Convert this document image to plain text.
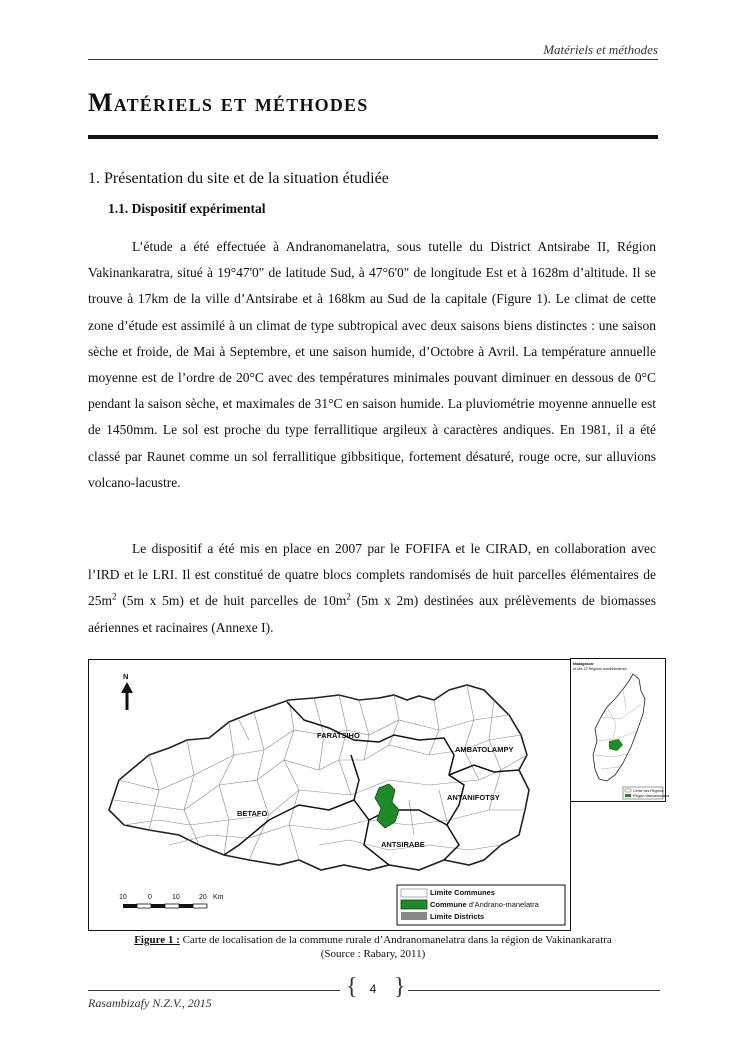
Matériels et méthodes
Matériels et méthodes
1. Présentation du site et de la situation étudiée
1.1. Dispositif expérimental

L’étude a été effectuée à Andranomanelatra, sous tutelle du District Antsirabe II, Région Vakinankaratra, situé à 19°47'0" de latitude Sud, à 47°6'0" de longitude Est et à 1628m d’altitude. Il se trouve à 17km de la ville d’Antsirabe et à 168km au Sud de la capitale (Figure 1). Le climat de cette zone d’étude est assimilé à un climat de type subtropical avec deux saisons biens distinctes : une saison sèche et froide, de Mai à Septembre, et une saison humide, d’Octobre à Avril. La température annuelle moyenne est de l’ordre de 20°C avec des températures minimales pouvant diminuer en dessous de 0°C pendant la saison sèche, et maximales de 31°C en saison humide. La pluviométrie moyenne annuelle est de 1450mm. Le sol est proche du type ferrallitique argileux à caractères andiques. En 1981, il a été classé par Raunet comme un sol ferrallitique gibbsitique, fortement désaturé, rouge ocre, sur alluvions volcano-lacustre.

Le dispositif a été mis en place en 2007 par le FOFIFA et le CIRAD, en collaboration avec l’IRD et le LRI. Il est constitué de quatre blocs complets randomisés de huit parcelles élémentaires de $25m^2$ (5m x 5m) et de huit parcelles de $10m^2$ (5m x 2m) destinées aux prélèvements de biomasses aériennes et racinaires (Annexe I).

N
FARATSIHO
AMBATOLAMPY
ANTANIFOTSY
BETAFO
ANTSIRABE
10	0	10	20 Km
Limite Communes
Commune d’Andrano-manelatra
Limite Districts
Madagascar
et ses 22 Régions administratives
Limite des Régions
Région Vakinankaratra
Figure 1 : Carte de localisation de la commune rurale d’Andranomanelatra dans la région de Vakinankaratra
(Source : Rabary, 2011)
{	4 }
Rasambizafy N.Z.V., 2015
